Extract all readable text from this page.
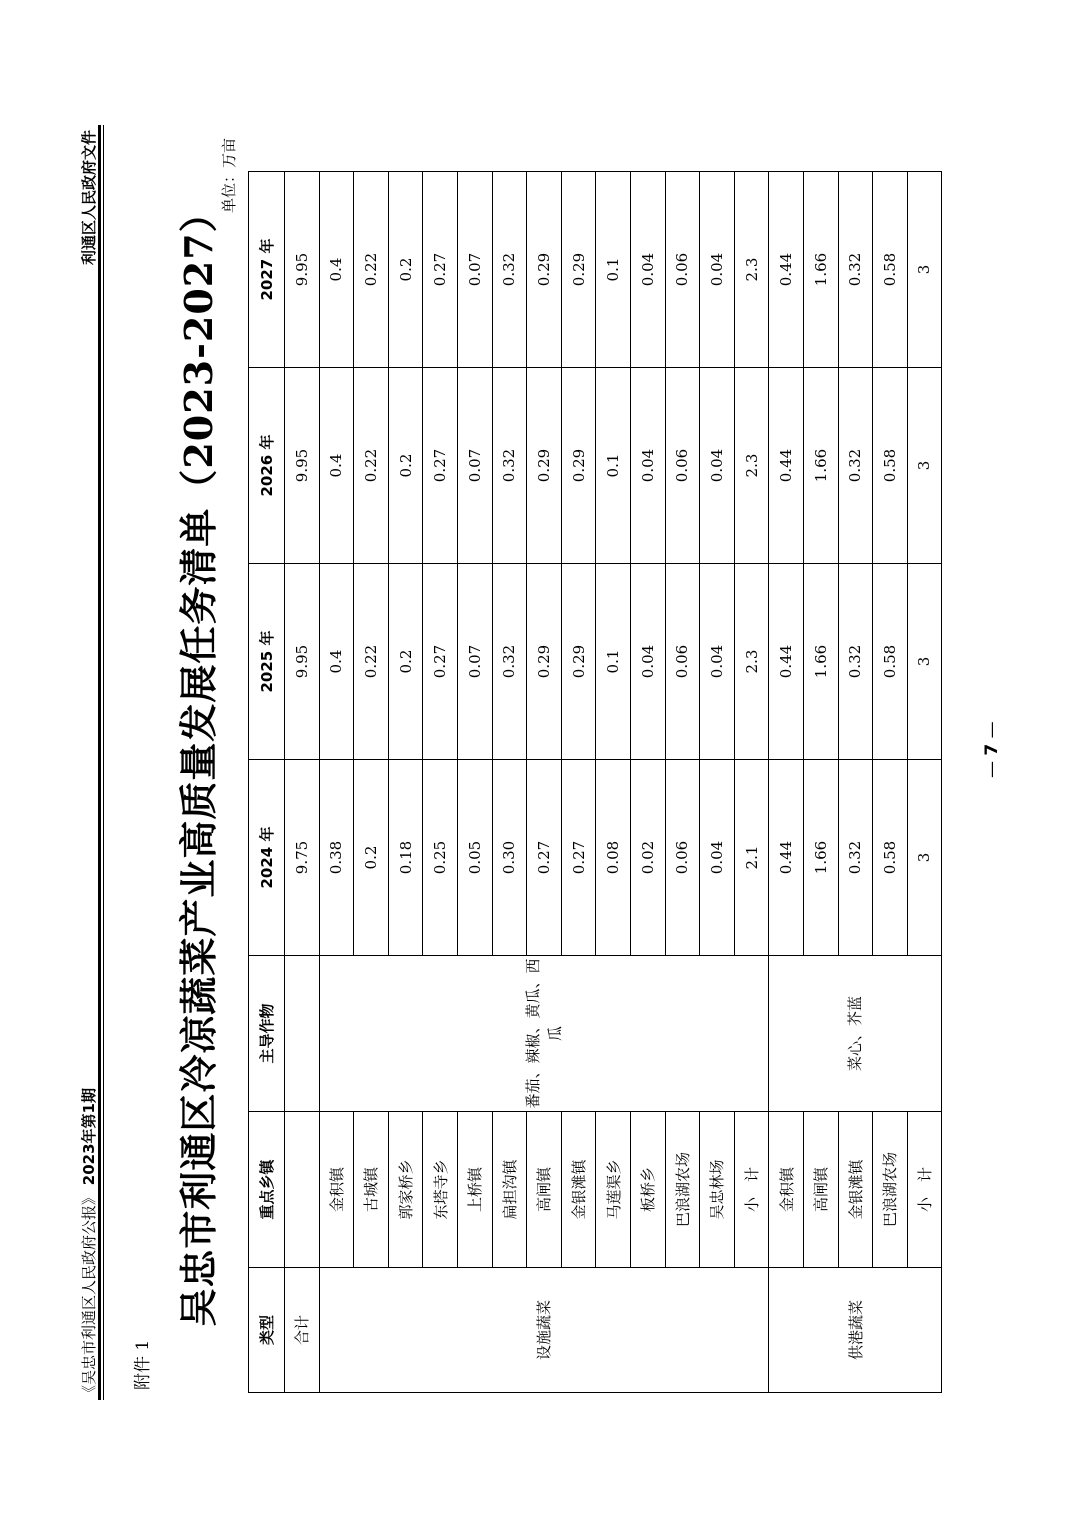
《吴忠市利通区人民政府公报》 2023年第1期
利通区人民政府文件
附件 1
吴忠市利通区冷凉蔬菜产业高质量发展任务清单（2023-2027）
单位：万亩
类型	重点乡镇	主导作物	2024 年	2025 年	2026 年	2027 年
合计			9.75	9.95	9.95	9.95
设施蔬菜	金积镇	番茄、辣椒、黄瓜、西瓜	0.38	0.4	0.4	0.4
	古城镇		0.2	0.22	0.22	0.22
	郭家桥乡		0.18	0.2	0.2	0.2
	东塔寺乡		0.25	0.27	0.27	0.27
	上桥镇		0.05	0.07	0.07	0.07
	扁担沟镇		0.30	0.32	0.32	0.32
	高闸镇		0.27	0.29	0.29	0.29
	金银滩镇		0.27	0.29	0.29	0.29
	马莲渠乡		0.08	0.1	0.1	0.1
	板桥乡		0.02	0.04	0.04	0.04
	巴浪湖农场		0.06	0.06	0.06	0.06
	吴忠林场		0.04	0.04	0.04	0.04
	小　计		2.1	2.3	2.3	2.3
供港蔬菜	金积镇	菜心、芥蓝	0.44	0.44	0.44	0.44
	高闸镇		1.66	1.66	1.66	1.66
	金银滩镇		0.32	0.32	0.32	0.32
	巴浪湖农场		0.58	0.58	0.58	0.58
	小　计		3	3	3	3
— 7 —
